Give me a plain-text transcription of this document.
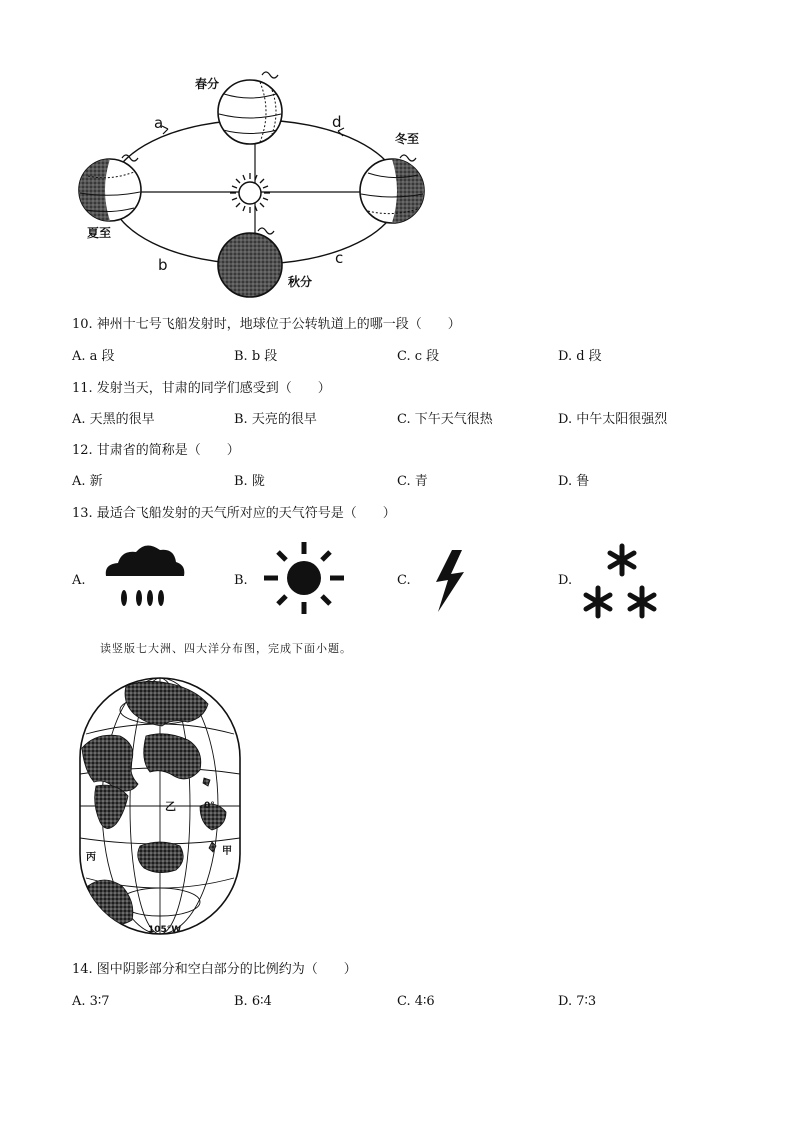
春分
夏至
秋分
冬至
a
b	c
d
10. 神州十七号飞船发射时，地球位于公转轨道上的哪一段（　　）
A. a 段	B. b 段	C. c 段	D. d 段
11. 发射当天，甘肃的同学们感受到（　　）
A. 天黑的很早	B. 天亮的很早	C. 下午天气很热	D. 中午太阳很强烈
12. 甘肃省的简称是（　　）
A. 新	B. 陇	C. 青	D. 鲁
13. 最适合飞船发射的天气所对应的天气符号是（　　）
A.	B.	C.	D.
读竖版七大洲、四大洋分布图，完成下面小题。
乙	0°
丙
甲
105°W
14. 图中阴影部分和空白部分的比例约为（　　）
A. 3∶7	B. 6∶4	C. 4∶6	D. 7∶3
